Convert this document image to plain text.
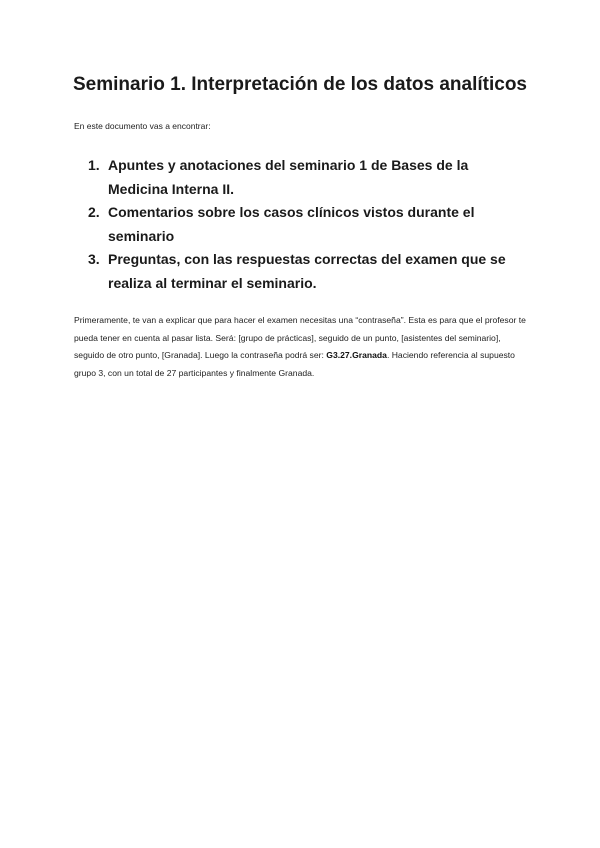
Seminario 1. Interpretación de los datos analíticos
En este documento vas a encontrar:
1. Apuntes y anotaciones del seminario 1 de Bases de la Medicina Interna II.
2. Comentarios sobre los casos clínicos vistos durante el seminario
3. Preguntas, con las respuestas correctas del examen que se realiza al terminar el seminario.

Primeramente, te van a explicar que para hacer el examen necesitas una “contraseña”. Esta es para que el profesor te pueda tener en cuenta al pasar lista. Será: [grupo de prácticas], seguido de un punto, [asistentes del seminario], seguido de otro punto, [Granada]. Luego la contraseña podrá ser: G3.27.Granada. Haciendo referencia al supuesto grupo 3, con un total de 27 participantes y finalmente Granada.
